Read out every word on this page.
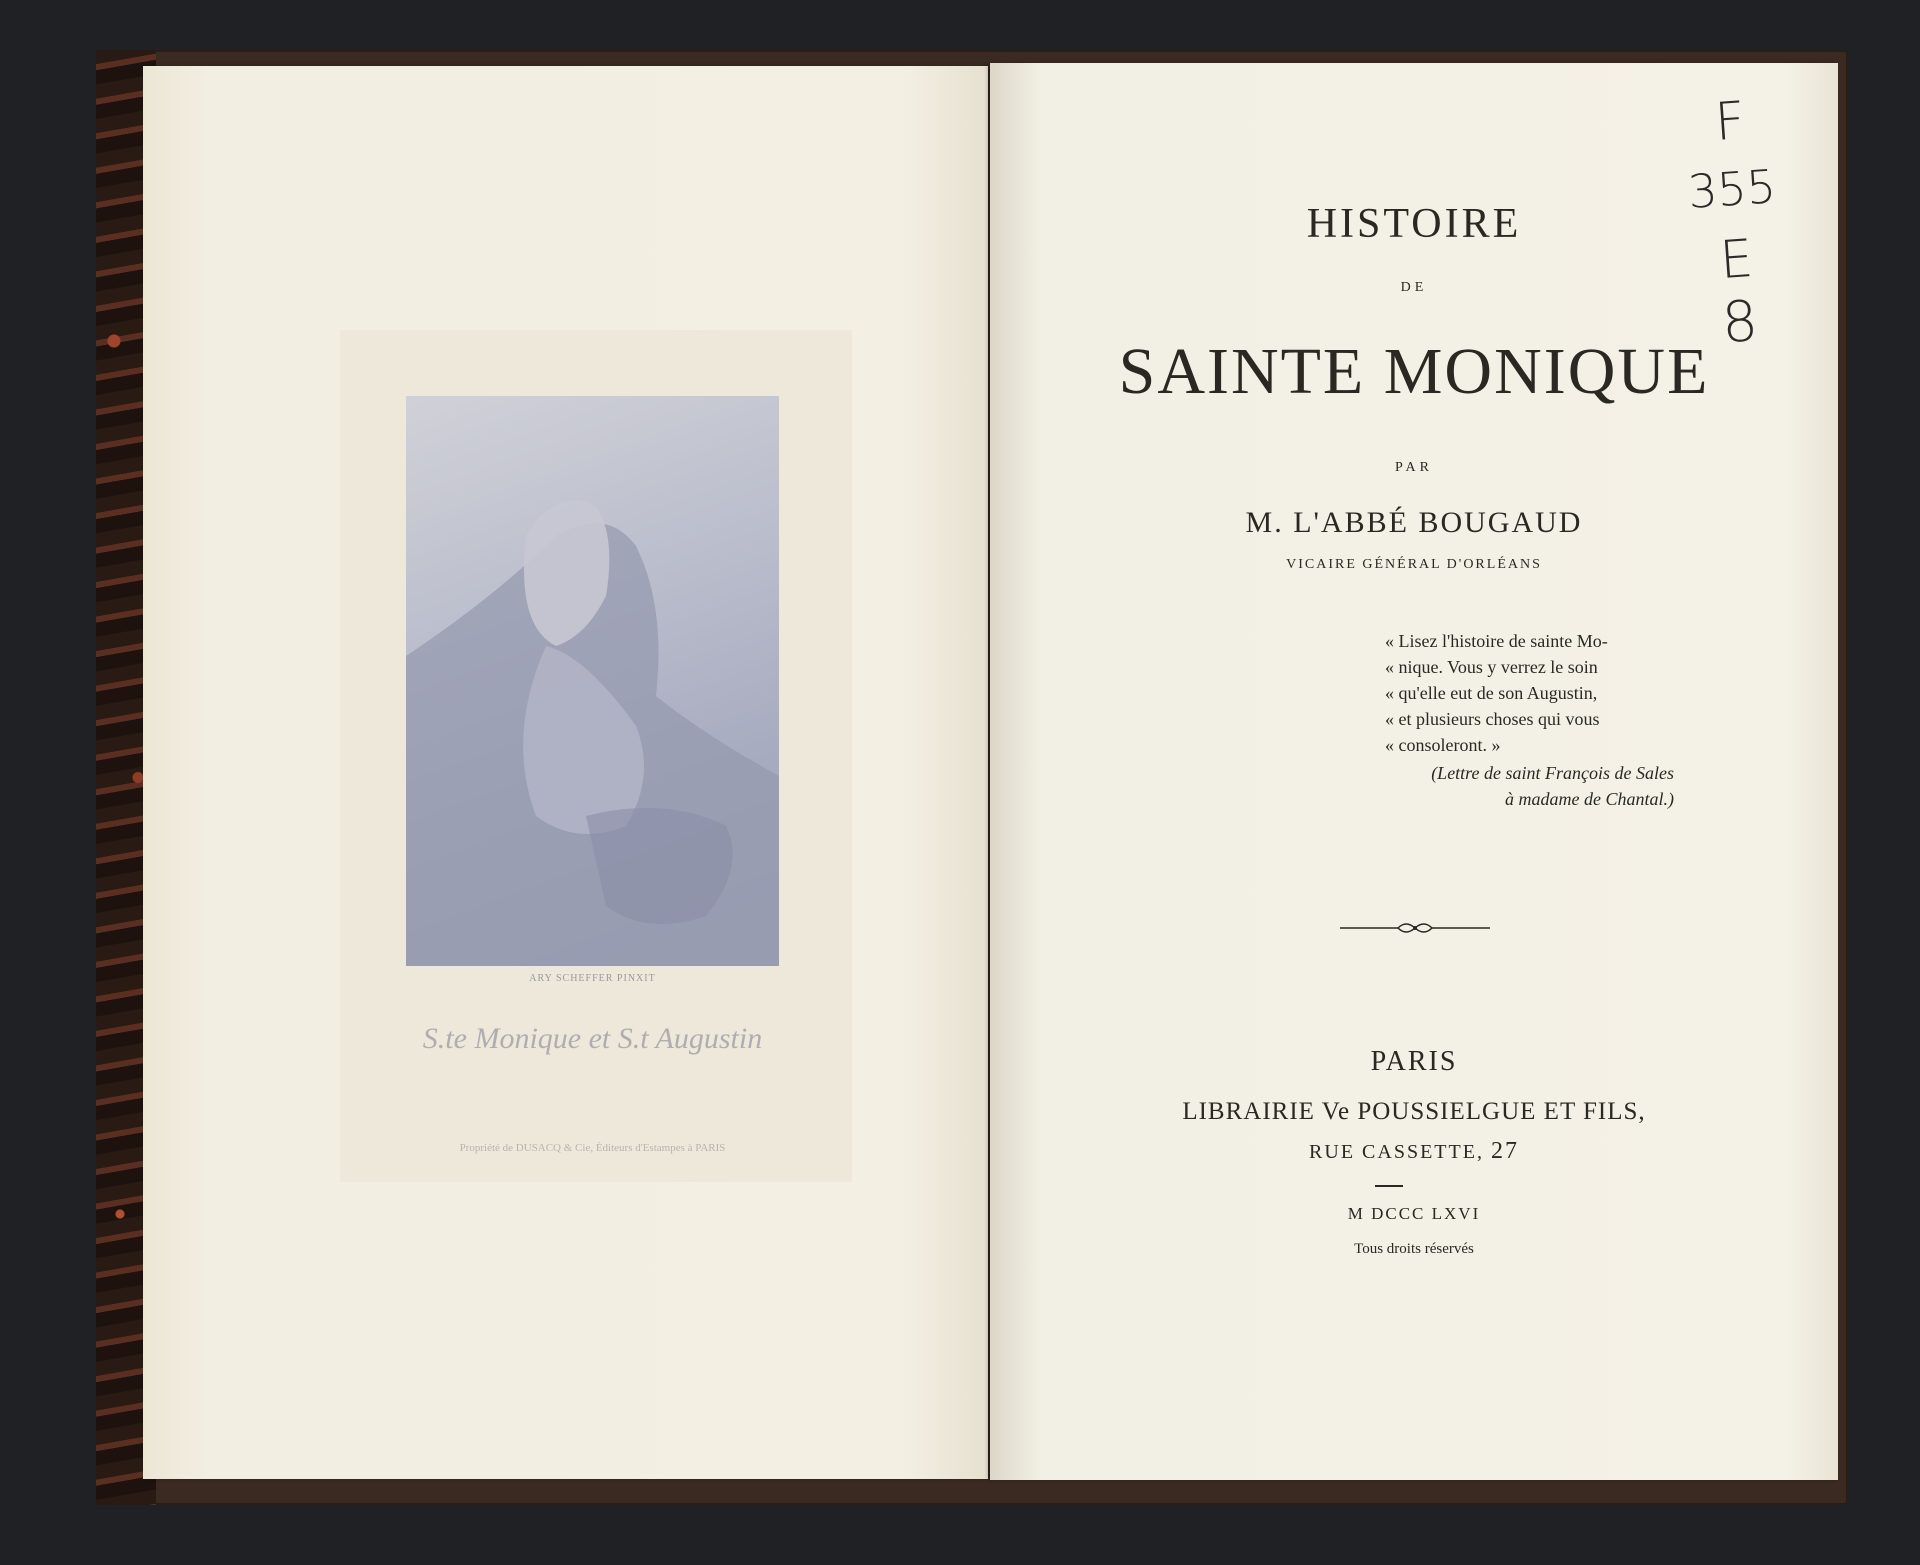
ARY SCHEFFER PINXIT
S.te Monique et S.t Augustin
Propriété de DUSACQ & Cie, Éditeurs d'Estampes à PARIS
HISTOIRE
DE
SAINTE MONIQUE
PAR
M. L'ABBÉ BOUGAUD
VICAIRE GÉNÉRAL D'ORLÉANS
« Lisez l'histoire de sainte Mo-
« nique. Vous y verrez le soin
« qu'elle eut de son Augustin,
« et plusieurs choses qui vous
« consoleront. »
(Lettre de saint François de Sales
à madame de Chantal.)
PARIS
LIBRAIRIE Ve POUSSIELGUE ET FILS,
RUE CASSETTE, 27
M DCCC LXVI
Tous droits réservés
F
355
E
8
